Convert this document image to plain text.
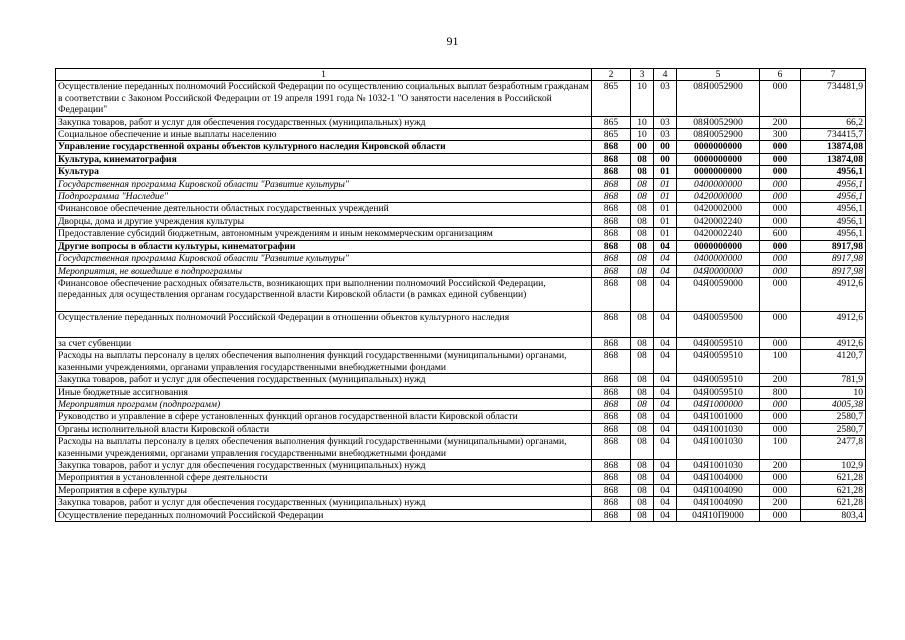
91
1	2	3	4	5	6	7
Осуществление переданных полномочий Российской Федерации по осуществлению социальных выплат безработным гражданам в соответствии с Законом Российской Федерации от 19 апреля 1991 года № 1032-1 "О занятости населения в Российской Федерации"	865	10	03	08Я0052900	000	734481,9
Закупка товаров, работ и услуг для обеспечения государственных (муниципальных) нужд	865	10	03	08Я0052900	200	66,2
Социальное обеспечение и иные выплаты населению	865	10	03	08Я0052900	300	734415,7
Управление государственной охраны объектов культурного наследия Кировской области	868	00	00	0000000000	000	13874,08
Культура, кинематография	868	08	00	0000000000	000	13874,08
Культура	868	08	01	0000000000	000	4956,1
Государственная программа Кировской области "Развитие культуры"	868	08	01	0400000000	000	4956,1
Подпрограмма "Наследие"	868	08	01	0420000000	000	4956,1
Финансовое обеспечение деятельности областных государственных учреждений	868	08	01	0420002000	000	4956,1
Дворцы, дома и другие учреждения культуры	868	08	01	0420002240	000	4956,1
Предоставление субсидий бюджетным, автономным учреждениям и иным некоммерческим организациям	868	08	01	0420002240	600	4956,1
Другие вопросы в области культуры, кинематографии	868	08	04	0000000000	000	8917,98
Государственная программа Кировской области "Развитие культуры"	868	08	04	0400000000	000	8917,98
Мероприятия, не вошедшие в подпрограммы	868	08	04	04Я0000000	000	8917,98
Финансовое обеспечение расходных обязательств, возникающих при выполнении полномочий Российской Федерации, переданных для осуществления органам государственной власти Кировской области (в рамках единой субвенции)	868	08	04	04Я0059000	000	4912,6
Осуществление переданных полномочий Российской Федерации в отношении объектов культурного наследия	868	08	04	04Я0059500	000	4912,6
за счет субвенции	868	08	04	04Я0059510	000	4912,6
Расходы на выплаты персоналу в целях обеспечения выполнения функций государственными (муниципальными) органами, казенными учреждениями, органами управления государственными внебюджетными фондами	868	08	04	04Я0059510	100	4120,7
Закупка товаров, работ и услуг для обеспечения государственных (муниципальных) нужд	868	08	04	04Я0059510	200	781,9
Иные бюджетные ассигнования	868	08	04	04Я0059510	800	10
Мероприятия программ (подпрограмм)	868	08	04	04Я1000000	000	4005,38
Руководство и управление в сфере установленных функций органов государственной власти Кировской области	868	08	04	04Я1001000	000	2580,7
Органы исполнительной власти Кировской области	868	08	04	04Я1001030	000	2580,7
Расходы на выплаты персоналу в целях обеспечения выполнения функций государственными (муниципальными) органами, казенными учреждениями, органами управления государственными внебюджетными фондами	868	08	04	04Я1001030	100	2477,8
Закупка товаров, работ и услуг для обеспечения государственных (муниципальных) нужд	868	08	04	04Я1001030	200	102,9
Мероприятия в установленной сфере деятельности	868	08	04	04Я1004000	000	621,28
Мероприятия в сфере культуры	868	08	04	04Я1004090	000	621,28
Закупка товаров, работ и услуг для обеспечения государственных (муниципальных) нужд	868	08	04	04Я1004090	200	621,28
Осуществление переданных полномочий Российской Федерации	868	08	04	04Я10П9000	000	803,4
